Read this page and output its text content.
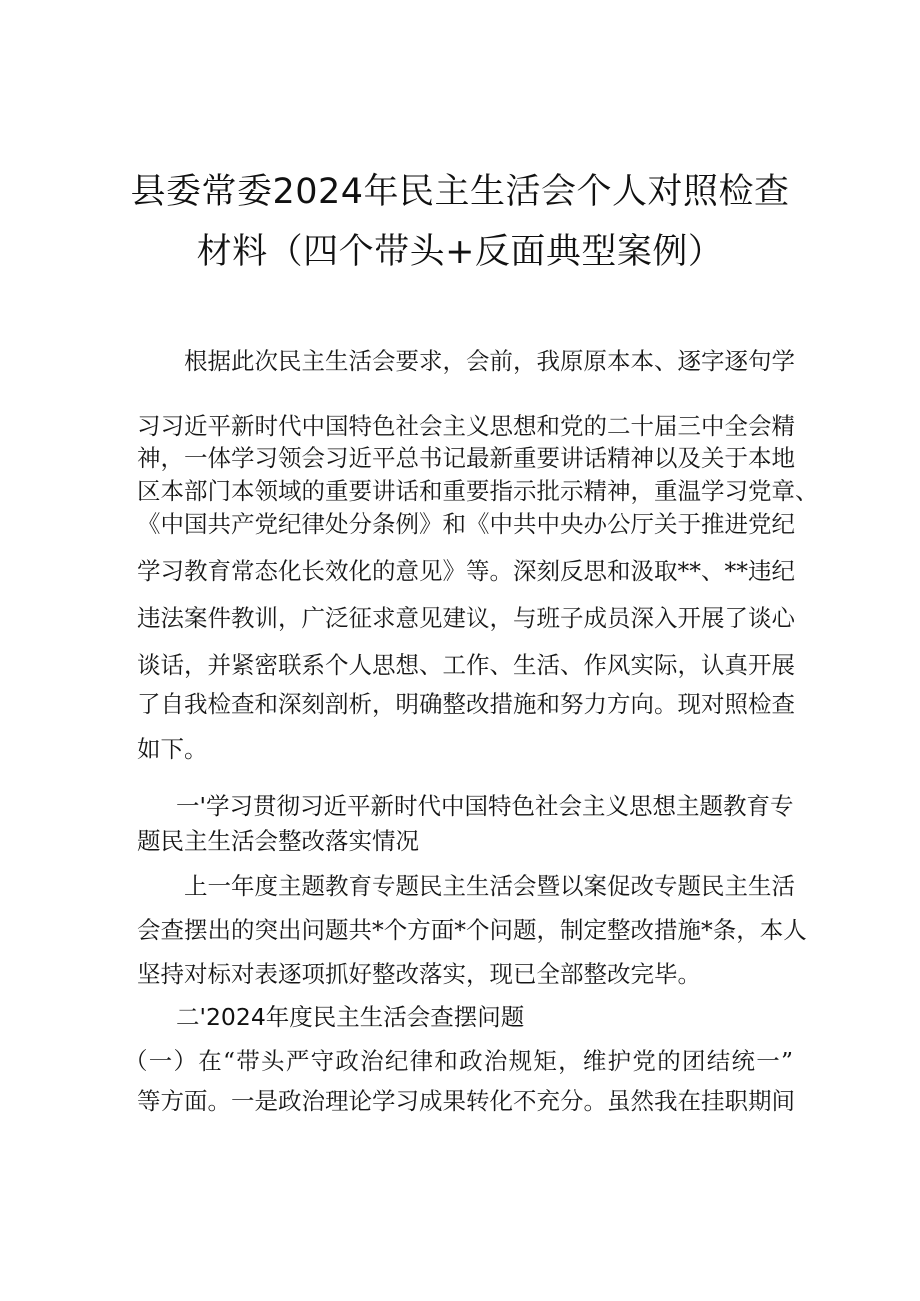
县委常委2024年民主生活会个人对照检查
材料（四个带头+反面典型案例）
根据此次民主生活会要求，会前，我原原本本、逐字逐句学
习习近平新时代中国特色社会主义思想和党的二十届三中全会精
神，一体学习领会习近平总书记最新重要讲话精神以及关于本地
区本部门本领域的重要讲话和重要指示批示精神，重温学习党章、
《中国共产党纪律处分条例》和《中共中央办公厅关于推进党纪
学习教育常态化长效化的意见》等。深刻反思和汲取**、**违纪
违法案件教训，广泛征求意见建议，与班子成员深入开展了谈心
谈话，并紧密联系个人思想、工作、生活、作风实际，认真开展
了自我检查和深刻剖析，明确整改措施和努力方向。现对照检查
如下。
一'学习贯彻习近平新时代中国特色社会主义思想主题教育专
题民主生活会整改落实情况
上一年度主题教育专题民主生活会暨以案促改专题民主生活
会查摆出的突出问题共*个方面*个问题，制定整改措施*条，本人
坚持对标对表逐项抓好整改落实，现已全部整改完毕。
二'2024年度民主生活会查摆问题
（一）在“带头严守政治纪律和政治规矩，维护党的团结统一”
等方面。一是政治理论学习成果转化不充分。虽然我在挂职期间
